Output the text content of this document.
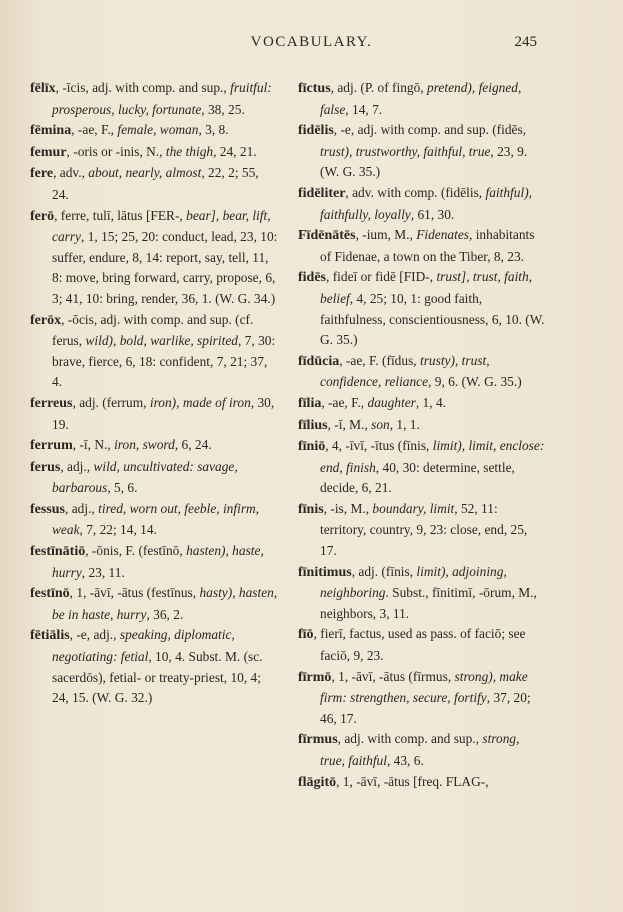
VOCABULARY.	245

fēlīx, -īcis, adj. with comp. and sup., fruitful: prosperous, lucky, fortunate, 38, 25.

fēmina, -ae, F., female, woman, 3, 8.

femur, -oris or -inis, N., the thigh, 24, 21.

fere, adv., about, nearly, almost, 22, 2; 55, 24.

ferō, ferre, tulī, lātus [FER-, bear], bear, lift, carry, 1, 15; 25, 20: conduct, lead, 23, 10: suffer, endure, 8, 14: report, say, tell, 11, 8: move, bring forward, carry, propose, 6, 3; 41, 10: bring, render, 36, 1. (W. G. 34.)

ferōx, -ōcis, adj. with comp. and sup. (cf. ferus, wild), bold, warlike, spirited, 7, 30: brave, fierce, 6, 18: confident, 7, 21; 37, 4.

ferreus, adj. (ferrum, iron), made of iron, 30, 19.

ferrum, -ī, N., iron, sword, 6, 24.

ferus, adj., wild, uncultivated: savage, barbarous, 5, 6.

fessus, adj., tired, worn out, feeble, infirm, weak, 7, 22; 14, 14.

festīnātiō, -ōnis, F. (festīnō, hasten), haste, hurry, 23, 11.

festīnō, 1, -āvī, -ātus (festīnus, hasty), hasten, be in haste, hurry, 36, 2.

fētiālis, -e, adj., speaking, diplomatic, negotiating: fetial, 10, 4. Subst. M. (sc. sacerdōs), fetial- or treaty-priest, 10, 4; 24, 15. (W. G. 32.)

fīctus, adj. (P. of fingō, pretend), feigned, false, 14, 7.

fidēlis, -e, adj. with comp. and sup. (fidēs, trust), trustworthy, faithful, true, 23, 9. (W. G. 35.)

fidēliter, adv. with comp. (fidēlis, faithful), faithfully, loyally, 61, 30.

Fīdēnātēs, -ium, M., Fidenates, inhabitants of Fidenae, a town on the Tiber, 8, 23.

fidēs, fideī or fidē [FID-, trust], trust, faith, belief, 4, 25; 10, 1: good faith, faithfulness, conscientiousness, 6, 10. (W. G. 35.)

fīdūcia, -ae, F. (fīdus, trusty), trust, confidence, reliance, 9, 6. (W. G. 35.)

fīlia, -ae, F., daughter, 1, 4.

fīlius, -ī, M., son, 1, 1.

fīniō, 4, -īvī, -ītus (fīnis, limit), limit, enclose: end, finish, 40, 30: determine, settle, decide, 6, 21.

fīnis, -is, M., boundary, limit, 52, 11: territory, country, 9, 23: close, end, 25, 17.

fīnitimus, adj. (fīnis, limit), adjoining, neighboring. Subst., fīnitimī, -ōrum, M., neighbors, 3, 11.

fīō, fierī, factus, used as pass. of faciō; see faciō, 9, 23.

fīrmō, 1, -āvī, -ātus (fīrmus, strong), make firm: strengthen, secure, fortify, 37, 20; 46, 17.

fīrmus, adj. with comp. and sup., strong, true, faithful, 43, 6.

flāgitō, 1, -āvī, -ātus [freq. FLAG-,
